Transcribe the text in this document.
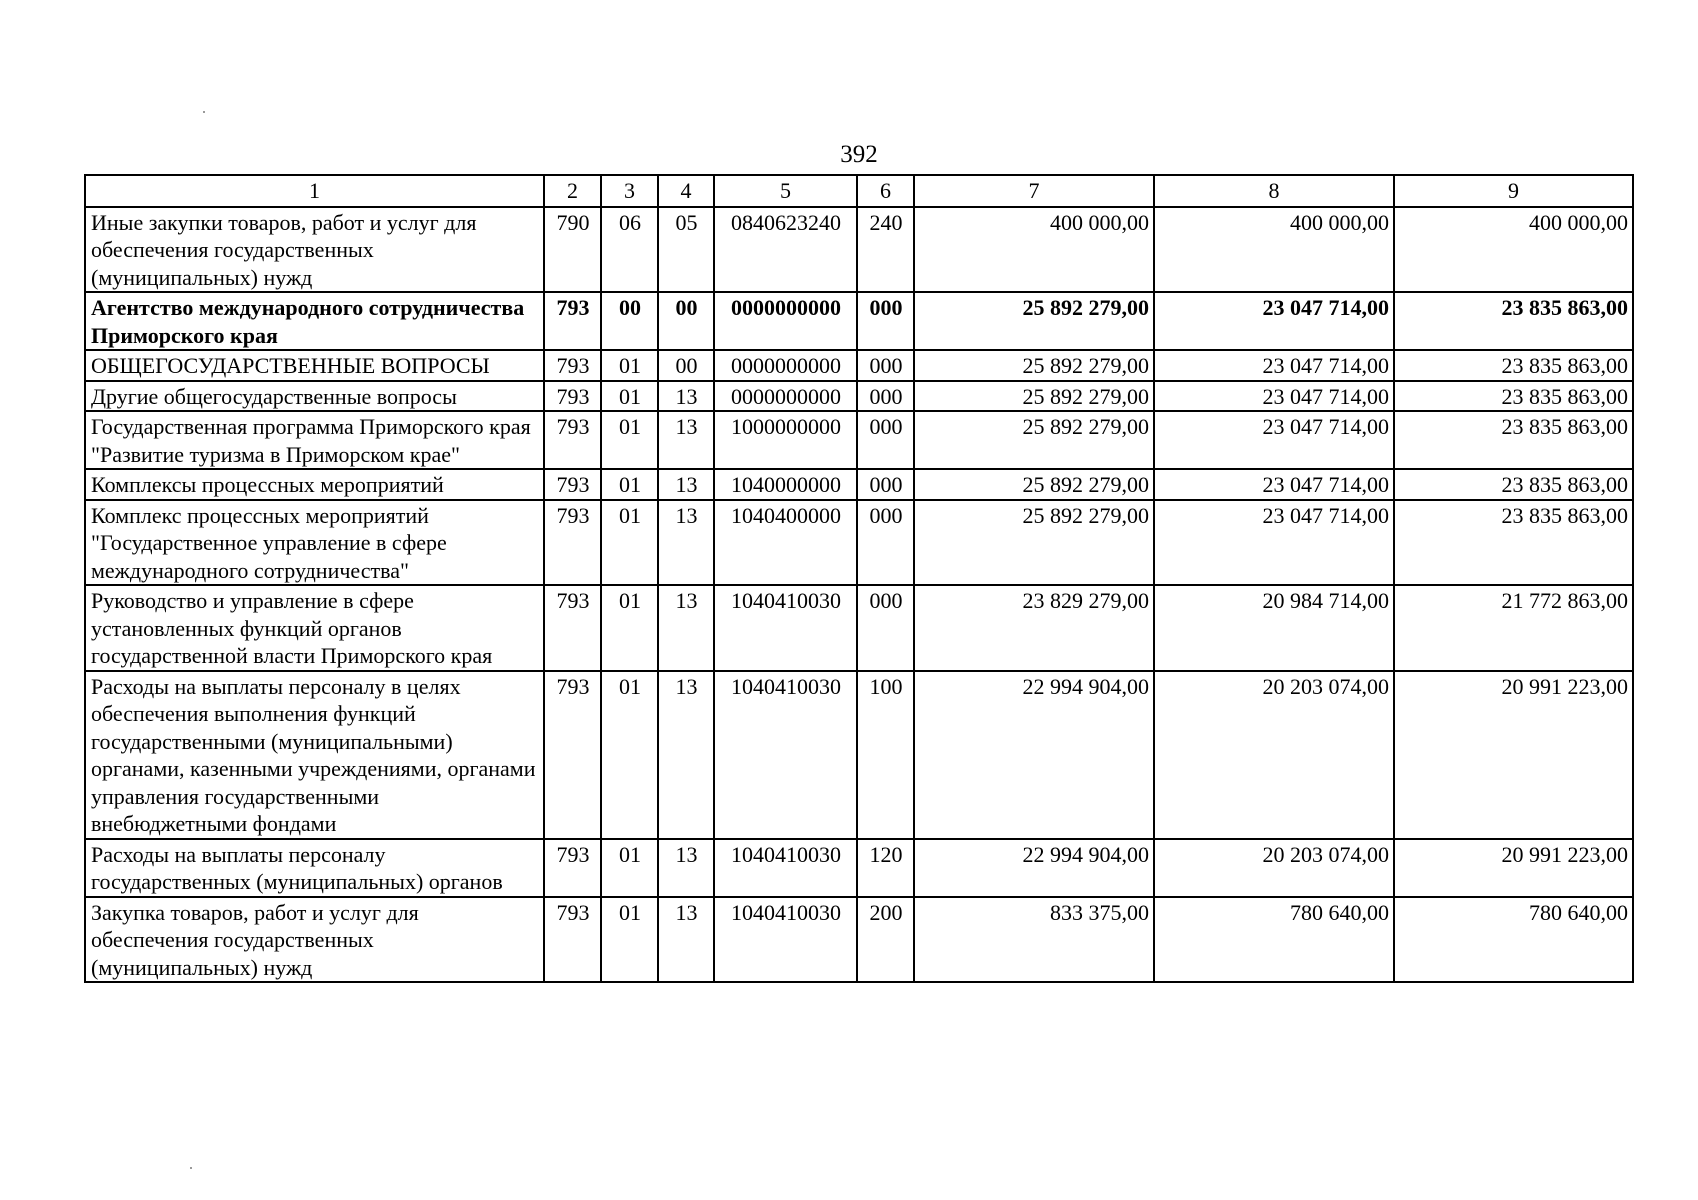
392
1	2	3	4	5	6	7	8	9
Иные закупки товаров, работ и услуг для обеспечения государственных (муниципальных) нужд	790	06	05	0840623240	240	400 000,00	400 000,00	400 000,00
Агентство международного сотрудничества Приморского края	793	00	00	0000000000	000	25 892 279,00	23 047 714,00	23 835 863,00
ОБЩЕГОСУДАРСТВЕННЫЕ ВОПРОСЫ	793	01	00	0000000000	000	25 892 279,00	23 047 714,00	23 835 863,00
Другие общегосударственные вопросы	793	01	13	0000000000	000	25 892 279,00	23 047 714,00	23 835 863,00
Государственная программа Приморского края "Развитие туризма в Приморском крае"	793	01	13	1000000000	000	25 892 279,00	23 047 714,00	23 835 863,00
Комплексы процессных мероприятий	793	01	13	1040000000	000	25 892 279,00	23 047 714,00	23 835 863,00
Комплекс процессных мероприятий "Государственное управление в сфере международного сотрудничества"	793	01	13	1040400000	000	25 892 279,00	23 047 714,00	23 835 863,00
Руководство и управление в сфере установленных функций органов государственной власти Приморского края	793	01	13	1040410030	000	23 829 279,00	20 984 714,00	21 772 863,00
Расходы на выплаты персоналу в целях обеспечения выполнения функций государственными (муниципальными) органами, казенными учреждениями, органами управления государственными внебюджетными фондами	793	01	13	1040410030	100	22 994 904,00	20 203 074,00	20 991 223,00
Расходы на выплаты персоналу государственных (муниципальных) органов	793	01	13	1040410030	120	22 994 904,00	20 203 074,00	20 991 223,00
Закупка товаров, работ и услуг для обеспечения государственных (муниципальных) нужд	793	01	13	1040410030	200	833 375,00	780 640,00	780 640,00
